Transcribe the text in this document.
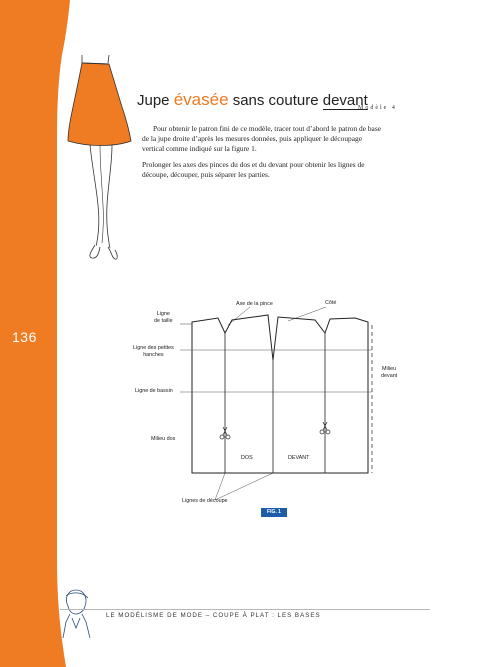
136
Jupe évasée sans couture devant
Modèle 4

Pour obtenir le patron fini de ce modèle, tracer tout d’abord le patron de base de la jupe droite d’après les mesures données, puis appliquer le découpage vertical comme indiqué sur la figure 1.

Prolonger les axes des pinces du dos et du devant pour obtenir les lignes de découpe, découper, puis séparer les parties.

Ligne
de taille
Axe de la pince	Côté
Ligne des petites
hanches
Milieu
devant
Ligne de bassin
Milieu dos
DOS	DEVANT
Lignes de découpe
FIG. 1
LE MODÉLISME DE MODE – COUPE À PLAT : LES BASES
